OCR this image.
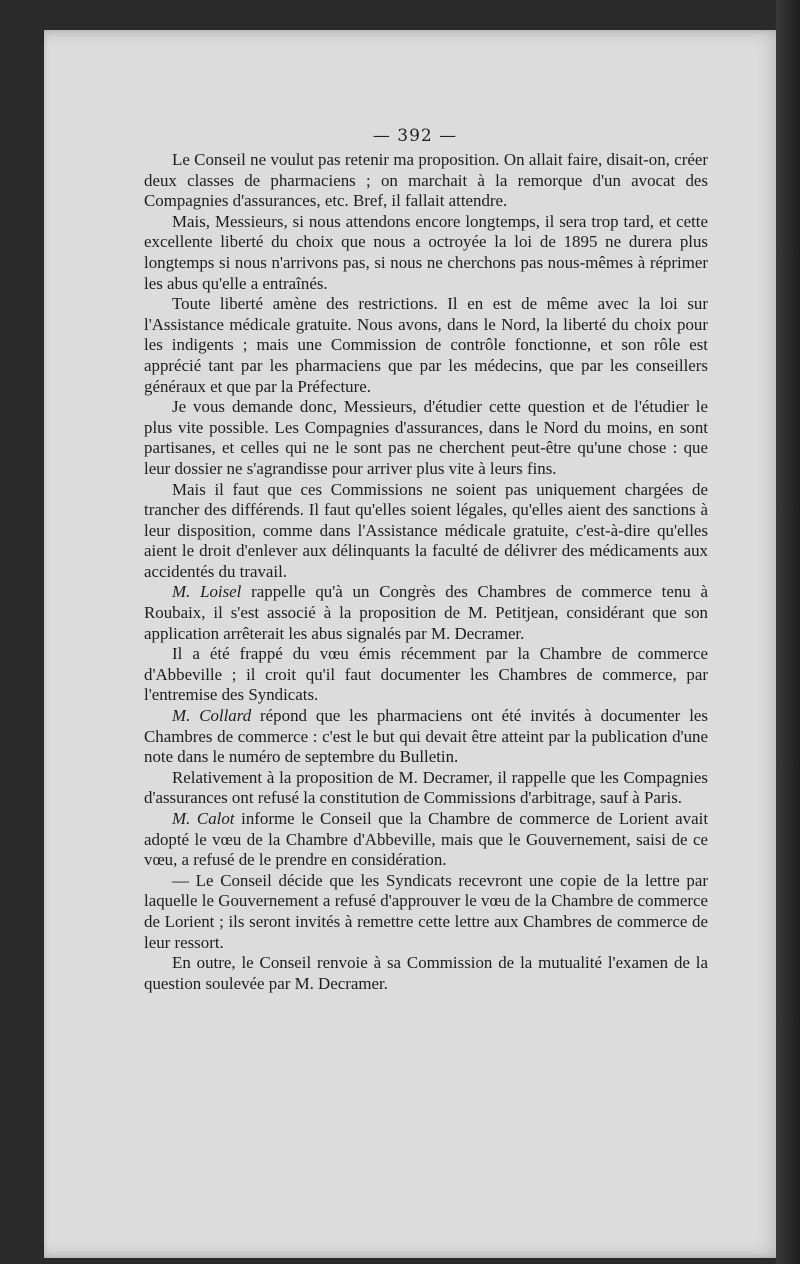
— 392 —

Le Conseil ne voulut pas retenir ma proposition. On allait faire, disait-on, créer deux classes de pharmaciens ; on marchait à la remorque d'un avocat des Compagnies d'assurances, etc. Bref, il fallait attendre.

Mais, Messieurs, si nous attendons encore longtemps, il sera trop tard, et cette excellente liberté du choix que nous a octroyée la loi de 1895 ne durera plus longtemps si nous n'arrivons pas, si nous ne cherchons pas nous-mêmes à réprimer les abus qu'elle a entraînés.

Toute liberté amène des restrictions. Il en est de même avec la loi sur l'Assistance médicale gratuite. Nous avons, dans le Nord, la liberté du choix pour les indigents ; mais une Commission de contrôle fonctionne, et son rôle est apprécié tant par les pharmaciens que par les médecins, que par les conseillers généraux et que par la Préfecture.

Je vous demande donc, Messieurs, d'étudier cette question et de l'étudier le plus vite possible. Les Compagnies d'assurances, dans le Nord du moins, en sont partisanes, et celles qui ne le sont pas ne cherchent peut-être qu'une chose : que leur dossier ne s'agrandisse pour arriver plus vite à leurs fins.

Mais il faut que ces Commissions ne soient pas uniquement chargées de trancher des différends. Il faut qu'elles soient légales, qu'elles aient des sanctions à leur disposition, comme dans l'Assistance médicale gratuite, c'est-à-dire qu'elles aient le droit d'enlever aux délinquants la faculté de délivrer des médicaments aux accidentés du travail.

M. Loisel rappelle qu'à un Congrès des Chambres de commerce tenu à Roubaix, il s'est associé à la proposition de M. Petitjean, considérant que son application arrêterait les abus signalés par M. Decramer.

Il a été frappé du vœu émis récemment par la Chambre de commerce d'Abbeville ; il croit qu'il faut documenter les Chambres de commerce, par l'entremise des Syndicats.

M. Collard répond que les pharmaciens ont été invités à documenter les Chambres de commerce : c'est le but qui devait être atteint par la publication d'une note dans le numéro de septembre du Bulletin.

Relativement à la proposition de M. Decramer, il rappelle que les Compagnies d'assurances ont refusé la constitution de Commissions d'arbitrage, sauf à Paris.

M. Calot informe le Conseil que la Chambre de commerce de Lorient avait adopté le vœu de la Chambre d'Abbeville, mais que le Gouvernement, saisi de ce vœu, a refusé de le prendre en considération.

— Le Conseil décide que les Syndicats recevront une copie de la lettre par laquelle le Gouvernement a refusé d'approuver le vœu de la Chambre de commerce de Lorient ; ils seront invités à remettre cette lettre aux Chambres de commerce de leur ressort.

En outre, le Conseil renvoie à sa Commission de la mutualité l'examen de la question soulevée par M. Decramer.
